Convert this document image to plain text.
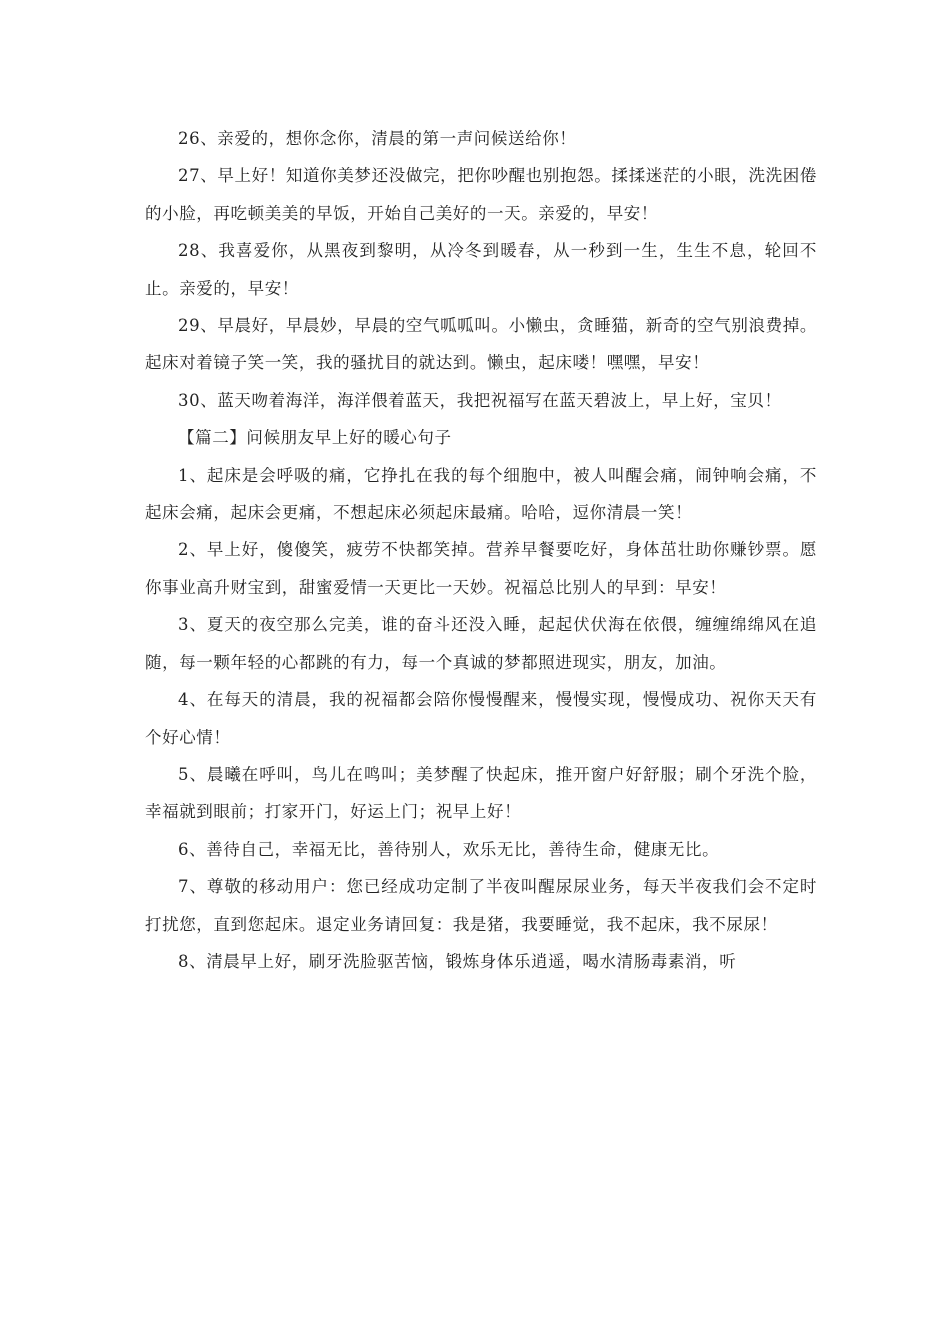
26、亲爱的，想你念你，清晨的第一声问候送给你！

27、早上好！知道你美梦还没做完，把你吵醒也别抱怨。揉揉迷茫的小眼，洗洗困倦的小脸，再吃顿美美的早饭，开始自己美好的一天。亲爱的，早安！

28、我喜爱你，从黑夜到黎明，从冷冬到暖春，从一秒到一生，生生不息，轮回不止。亲爱的，早安！

29、早晨好，早晨妙，早晨的空气呱呱叫。小懒虫，贪睡猫，新奇的空气别浪费掉。起床对着镜子笑一笑，我的骚扰目的就达到。懒虫，起床喽！嘿嘿，早安！

30、蓝天吻着海洋，海洋偎着蓝天，我把祝福写在蓝天碧波上，早上好，宝贝！

【篇二】问候朋友早上好的暖心句子

1、起床是会呼吸的痛，它挣扎在我的每个细胞中，被人叫醒会痛，闹钟响会痛，不起床会痛，起床会更痛，不想起床必须起床最痛。哈哈，逗你清晨一笑！

2、早上好，傻傻笑，疲劳不快都笑掉。营养早餐要吃好，身体茁壮助你赚钞票。愿你事业高升财宝到，甜蜜爱情一天更比一天妙。祝福总比别人的早到：早安！

3、夏天的夜空那么完美，谁的奋斗还没入睡，起起伏伏海在依偎，缠缠绵绵风在追随，每一颗年轻的心都跳的有力，每一个真诚的梦都照进现实，朋友，加油。

4、在每天的清晨，我的祝福都会陪你慢慢醒来，慢慢实现，慢慢成功、祝你天天有个好心情！

5、晨曦在呼叫，鸟儿在鸣叫；美梦醒了快起床，推开窗户好舒服；刷个牙洗个脸，幸福就到眼前；打家开门，好运上门；祝早上好！

6、善待自己，幸福无比，善待别人，欢乐无比，善待生命，健康无比。

7、尊敬的移动用户：您已经成功定制了半夜叫醒尿尿业务，每天半夜我们会不定时打扰您，直到您起床。退定业务请回复：我是猪，我要睡觉，我不起床，我不尿尿！

8、清晨早上好，刷牙洗脸驱苦恼，锻炼身体乐逍遥，喝水清肠毒素消，听
